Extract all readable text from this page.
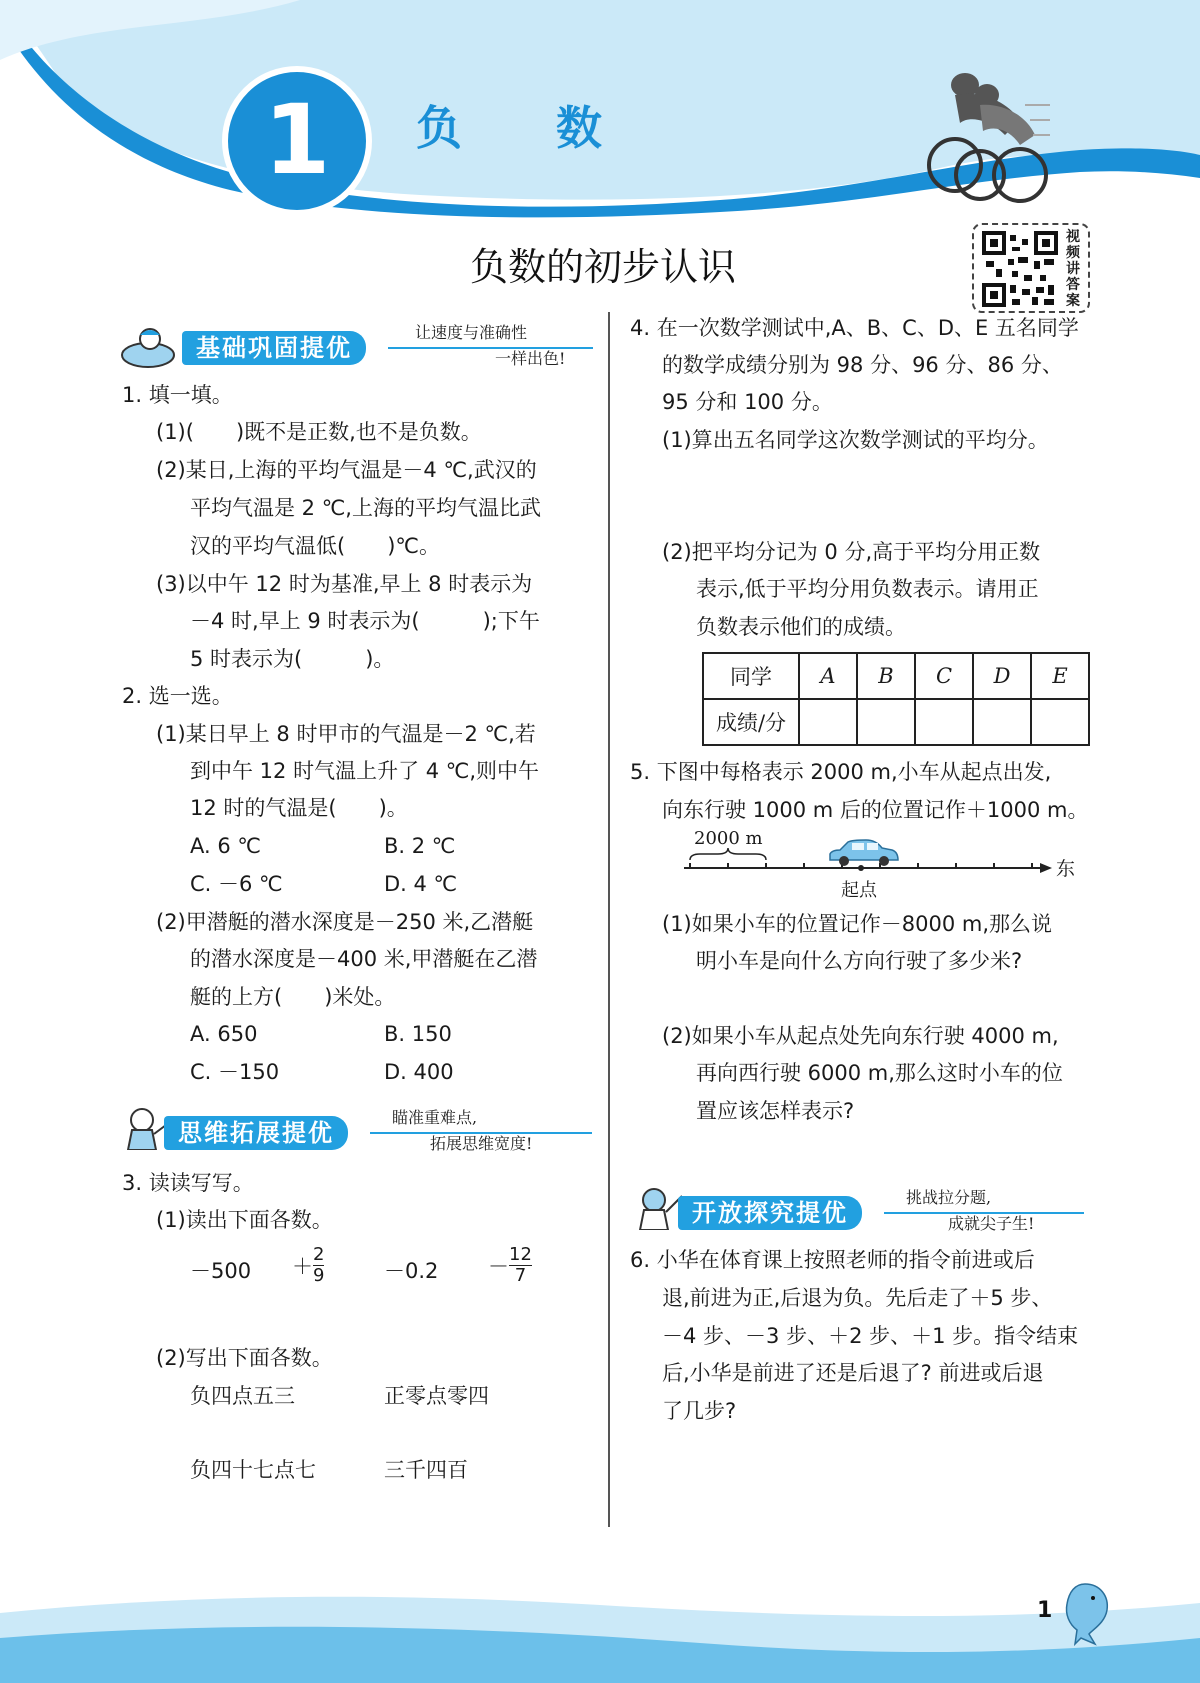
1	负 数
负数的初步认识
视
频
讲
答
案
基础巩固提优
让速度与准确性
一样出色!
1. 填一填。
(1)(　　)既不是正数,也不是负数。
(2)某日,上海的平均气温是－4 ℃,武汉的
平均气温是 2 ℃,上海的平均气温比武
汉的平均气温低(　　)℃。
(3)以中午 12 时为基准,早上 8 时表示为
－4 时,早上 9 时表示为(　　　);下午
5 时表示为(　　　)。
2. 选一选。
(1)某日早上 8 时甲市的气温是－2 ℃,若
到中午 12 时气温上升了 4 ℃,则中午
12 时的气温是(　　)。
A. 6 ℃	B. 2 ℃
C. －6 ℃	D. 4 ℃
(2)甲潜艇的潜水深度是－250 米,乙潜艇
的潜水深度是－400 米,甲潜艇在乙潜
艇的上方(　　)米处。
A. 650	B. 150
C. －150	D. 400
思维拓展提优
瞄准重难点,
拓展思维宽度!
3. 读读写写。
(1)读出下面各数。
$-500 + \frac{2}{9}$	$-0.2 - \frac{12}{7}$
(2)写出下面各数。
负四点五三	正零点零四
负四十七点七	三千四百
4. 在一次数学测试中,A、B、C、D、E 五名同学
的数学成绩分别为 98 分、96 分、86 分、
95 分和 100 分。
(1)算出五名同学这次数学测试的平均分。
(2)把平均分记为 0 分,高于平均分用正数
表示,低于平均分用负数表示。请用正
负数表示他们的成绩。
同学	A	B	C	D	E
成绩/分					
5. 下图中每格表示 2000 m,小车从起点出发,
向东行驶 1000 m 后的位置记作＋1000 m。
2000 m
起点
东
(1)如果小车的位置记作－8000 m,那么说
明小车是向什么方向行驶了多少米?
(2)如果小车从起点处先向东行驶 4000 m,
再向西行驶 6000 m,那么这时小车的位
置应该怎样表示?
开放探究提优
挑战拉分题,
成就尖子生!
6. 小华在体育课上按照老师的指令前进或后
退,前进为正,后退为负。先后走了＋5 步、
－4 步、－3 步、＋2 步、＋1 步。指令结束
后,小华是前进了还是后退了? 前进或后退
了几步?
1
